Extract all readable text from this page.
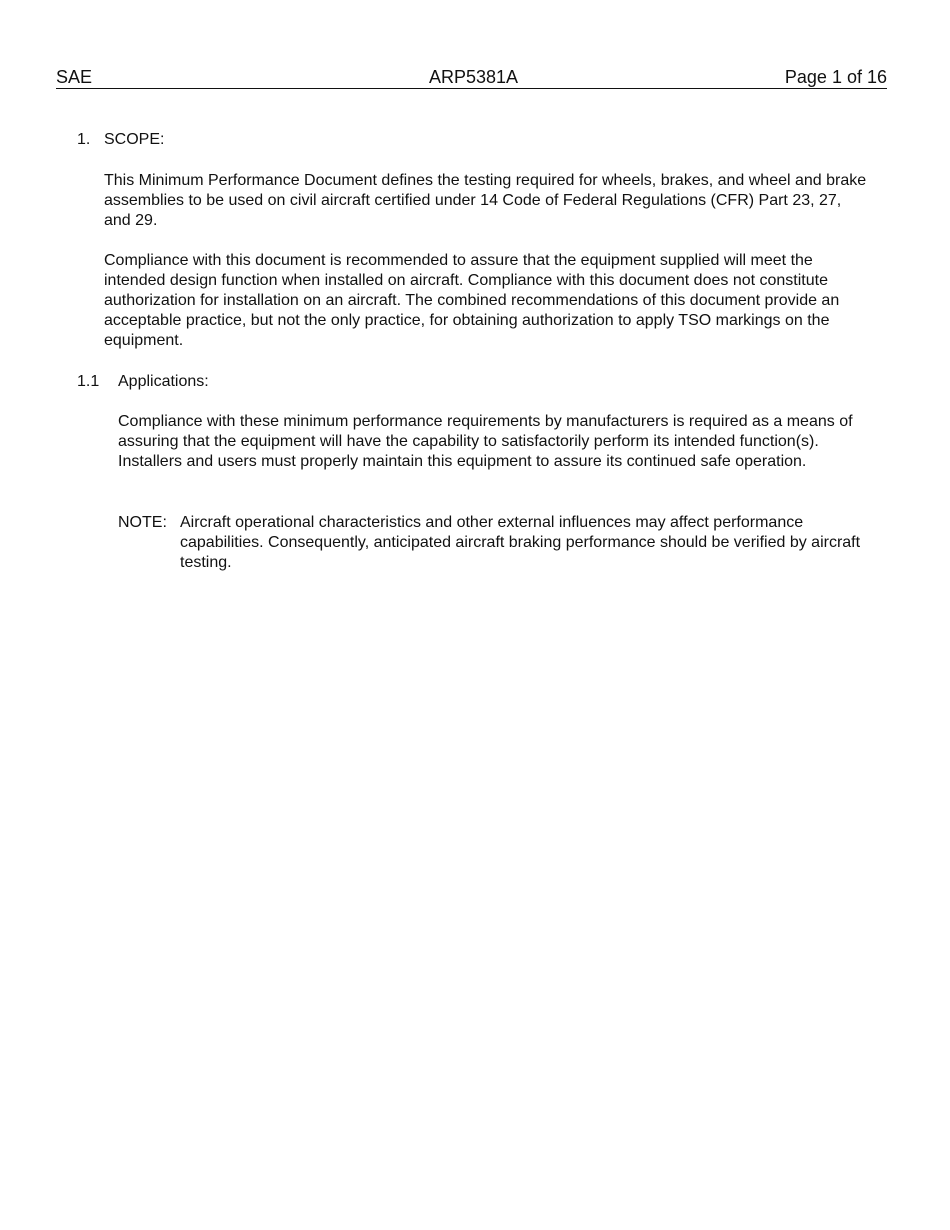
SAE	ARP5381A	Page 1 of 16
1. SCOPE:
This Minimum Performance Document defines the testing required for wheels, brakes, and wheel and brake assemblies to be used on civil aircraft certified under 14 Code of Federal Regulations (CFR) Part 23, 27, and 29.
Compliance with this document is recommended to assure that the equipment supplied will meet the intended design function when installed on aircraft. Compliance with this document does not constitute authorization for installation on an aircraft. The combined recommendations of this document provide an acceptable practice, but not the only practice, for obtaining authorization to apply TSO markings on the equipment.
1.1 Applications:
Compliance with these minimum performance requirements by manufacturers is required as a means of assuring that the equipment will have the capability to satisfactorily perform its intended function(s). Installers and users must properly maintain this equipment to assure its continued safe operation.
NOTE: Aircraft operational characteristics and other external influences may affect performance capabilities. Consequently, anticipated aircraft braking performance should be verified by aircraft testing.
